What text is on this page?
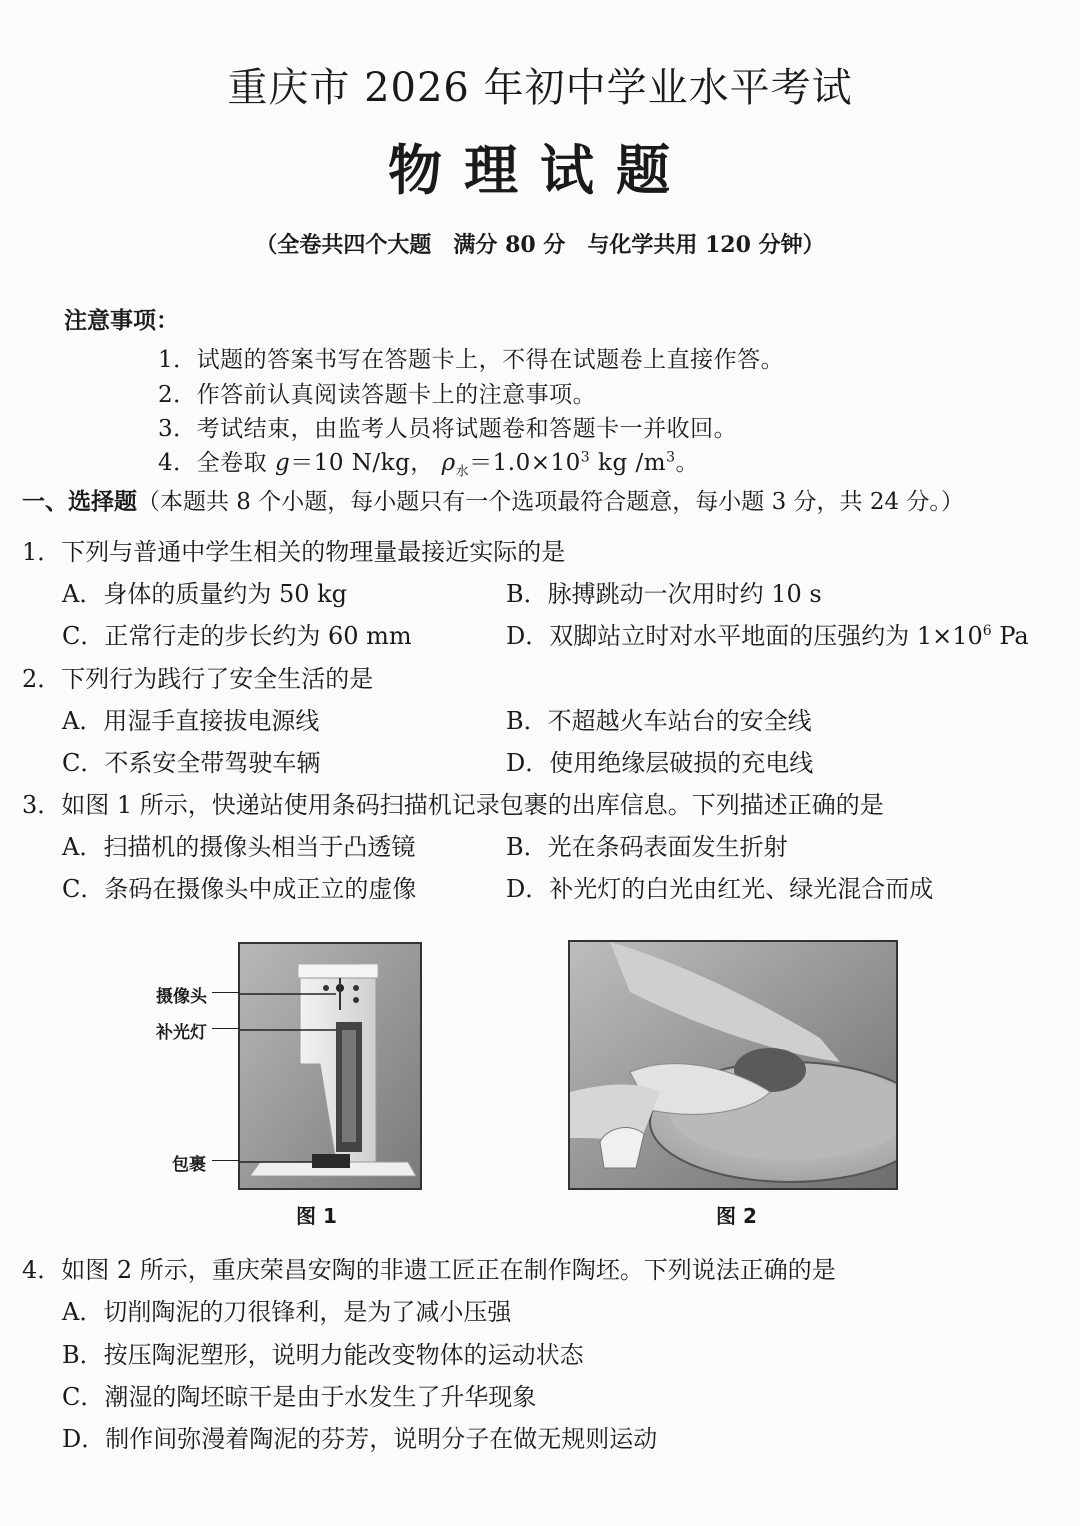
重庆市 2026 年初中学业水平考试
物理试题
（全卷共四个大题　满分 80 分　与化学共用 120 分钟）
注意事项：
1．试题的答案书写在答题卡上，不得在试题卷上直接作答。
2．作答前认真阅读答题卡上的注意事项。
3．考试结束，由监考人员将试题卷和答题卡一并收回。
4．全卷取 g＝10 N/kg， $\rho_水=1.0\times 10^3$ kg $/m^3$。
一、选择题（本题共 8 个小题，每小题只有一个选项最符合题意，每小题 3 分，共 24 分。）
1．下列与普通中学生相关的物理量最接近实际的是
A．身体的质量约为 50 kg	B．脉搏跳动一次用时约 10 s
C．正常行走的步长约为 60 mm	D．双脚站立时对水平地面的压强约为 $1\times 10^6$ Pa
2．下列行为践行了安全生活的是
A．用湿手直接拔电源线	B．不超越火车站台的安全线
C．不系安全带驾驶车辆	D．使用绝缘层破损的充电线
3．如图 1 所示，快递站使用条码扫描机记录包裹的出库信息。下列描述正确的是
A．扫描机的摄像头相当于凸透镜	B．光在条码表面发生折射
C．条码在摄像头中成正立的虚像	D．补光灯的白光由红光、绿光混合而成
摄像头
补光灯
包裹
图 1	图 2
4．如图 2 所示，重庆荣昌安陶的非遗工匠正在制作陶坯。下列说法正确的是
A．切削陶泥的刀很锋利，是为了减小压强
B．按压陶泥塑形，说明力能改变物体的运动状态
C．潮湿的陶坯晾干是由于水发生了升华现象
D．制作间弥漫着陶泥的芬芳，说明分子在做无规则运动
